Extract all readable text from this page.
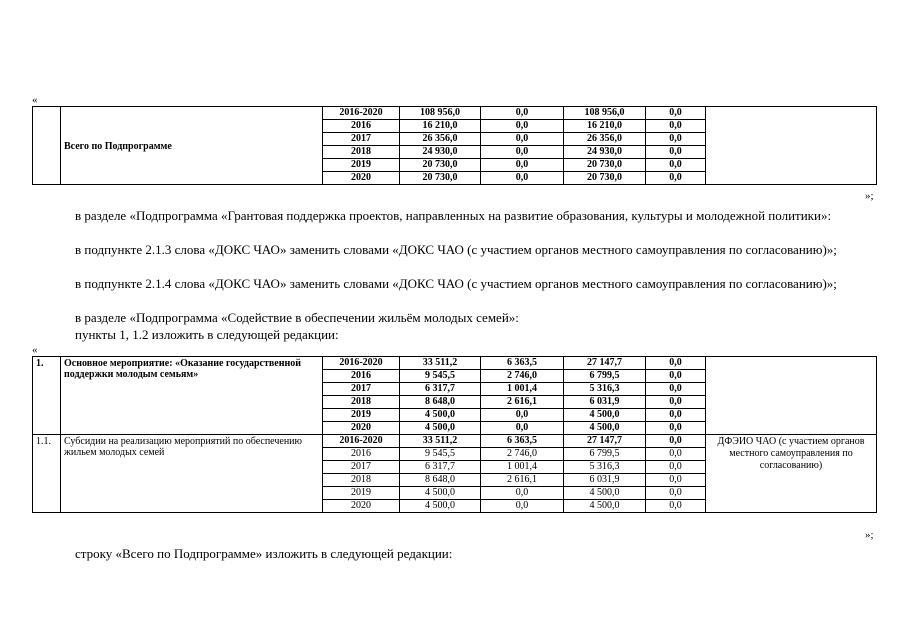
«
	Всего по Подпрограмме	2016-2020	108 956,0	0,0	108 956,0	0,0	
		2016	16 210,0	0,0	16 210,0	0,0	
		2017	26 356,0	0,0	26 356,0	0,0	
		2018	24 930,0	0,0	24 930,0	0,0	
		2019	20 730,0	0,0	20 730,0	0,0	
		2020	20 730,0	0,0	20 730,0	0,0	
»;
в разделе «Подпрограмма «Грантовая поддержка проектов, направленных на развитие образования, культуры и молодежной политики»:
в подпункте 2.1.3 слова «ДОКС ЧАО» заменить словами «ДОКС ЧАО (с участием органов местного самоуправления по согласованию)»;
в подпункте 2.1.4 слова «ДОКС ЧАО» заменить словами «ДОКС ЧАО (с участием органов местного самоуправления по согласованию)»;
в разделе «Подпрограмма «Содействие в обеспечении жильём молодых семей»:
пункты 1, 1.2 изложить в следующей редакции:
«
1.	Основное мероприятие: «Оказание государственной поддержки молодым семьям»	2016-2020	33 511,2	6 363,5	27 147,7	0,0	
		2016	9 545,5	2 746,0	6 799,5	0,0	
		2017	6 317,7	1 001,4	5 316,3	0,0	
		2018	8 648,0	2 616,1	6 031,9	0,0	
		2019	4 500,0	0,0	4 500,0	0,0	
		2020	4 500,0	0,0	4 500,0	0,0	
1.1.	Субсидии на реализацию мероприятий по обеспечению жильем молодых семей	2016-2020	33 511,2	6 363,5	27 147,7	0,0	ДФЭИО ЧАО (с участием органов местного самоуправления по согласованию)
		2016	9 545,5	2 746,0	6 799,5	0,0	
		2017	6 317,7	1 001,4	5 316,3	0,0	
		2018	8 648,0	2 616,1	6 031,9	0,0	
		2019	4 500,0	0,0	4 500,0	0,0	
		2020	4 500,0	0,0	4 500,0	0,0	
»;
строку «Всего по Подпрограмме» изложить в следующей редакции:
